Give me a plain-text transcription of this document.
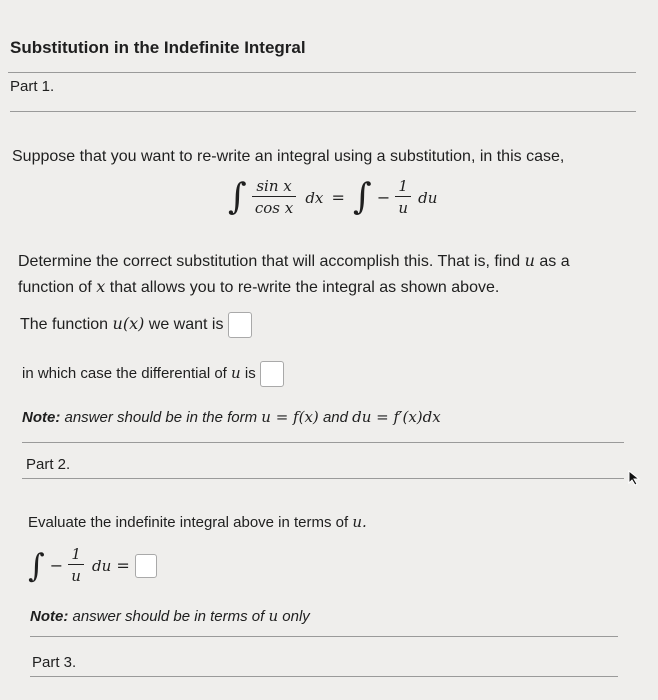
Substitution in the Indefinite Integral
Part 1.
Suppose that you want to re-write an integral using a substitution, in this case,
∫ $\frac{\text{sin x}}{\text{cos x}}$ dx = ∫ − $\frac{1}{u}$ du
Determine the correct substitution that will accomplish this. That is, find u as a
function of x that allows you to re-write the integral as shown above.
The function u(x) we want is
in which case the differential of u is
Note: answer should be in the form u = f(x) and du = f′(x)dx
Part 2.
Evaluate the indefinite integral above in terms of u.
∫ − $\frac{1}{u}$ du =
Note: answer should be in terms of u only
Part 3.
